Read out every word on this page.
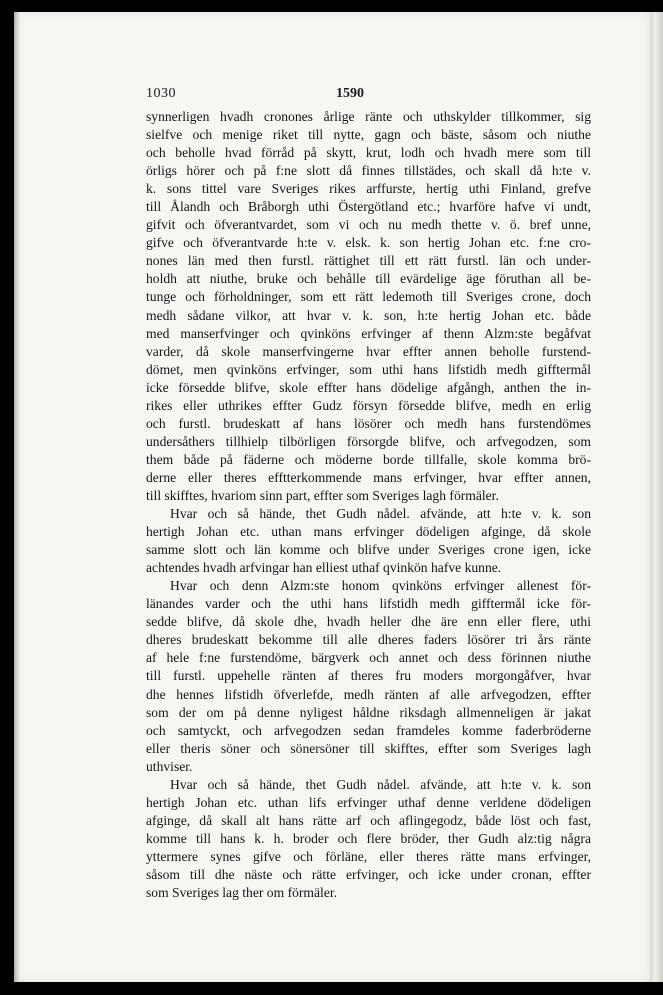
1030	1590
synnerligen hvadh cronones årlige ränte och uthskylder tillkommer, sig
sielfve och menige riket till nytte, gagn och bäste, såsom och niuthe
och beholle hvad förråd på skytt, krut, lodh och hvadh mere som till
örligs hörer och på f:ne slott då finnes tillstädes, och skall då h:te v.
k. sons tittel vare Sveriges rikes arffurste, hertig uthi Finland, grefve
till Ålandh och Bråborgh uthi Östergötland etc.; hvarföre hafve vi undt,
gifvit och öfverantvardet, som vi och nu medh thette v. ö. bref unne,
gifve och öfverantvarde h:te v. elsk. k. son hertig Johan etc. f:ne cro-
nones län med then furstl. rättighet till ett rätt furstl. län och under-
holdh att niuthe, bruke och behålle till evärdelige äge föruthan all be-
tunge och förholdninger, som ett rätt ledemoth till Sveriges crone, doch
medh sådane vilkor, att hvar v. k. son, h:te hertig Johan etc. både
med manserfvinger och qvinköns erfvinger af thenn Alzm:ste begåfvat
varder, då skole manserfvingerne hvar effter annen beholle furstend-
dömet, men qvinköns erfvinger, som uthi hans lifstidh medh gifftermål
icke försedde blifve, skole effter hans dödelige afgångh, anthen the in-
rikes eller uthrikes effter Gudz försyn försedde blifve, medh en erlig
och furstl. brudeskatt af hans lösörer och medh hans furstendömes
undersåthers tillhielp tilbörligen försorgde blifve, och arfvegodzen, som
them både på fäderne och möderne borde tillfalle, skole komma brö-
derne eller theres efftterkommende mans erfvinger, hvar effter annen,
till skifftes, hvariom sinn part, effter som Sveriges lagh förmäler.
Hvar och så hände, thet Gudh nådel. afvände, att h:te v. k. son
hertigh Johan etc. uthan mans erfvinger dödeligen afginge, då skole
samme slott och län komme och blifve under Sveriges crone igen, icke
achtendes hvadh arfvingar han elliest uthaf qvinkön hafve kunne.
Hvar och denn Alzm:ste honom qvinköns erfvinger allenest för-
länandes varder och the uthi hans lifstidh medh gifftermål icke för-
sedde blifve, då skole dhe, hvadh heller dhe äre enn eller flere, uthi
dheres brudeskatt bekomme till alle dheres faders lösörer tri års ränte
af hele f:ne furstendöme, bärgverk och annet och dess förinnen niuthe
till furstl. uppehelle ränten af theres fru moders morgongåfver, hvar
dhe hennes lifstidh öfverlefde, medh ränten af alle arfvegodzen, effter
som der om på denne nyligest håldne riksdagh allmenneligen är jakat
och samtyckt, och arfvegodzen sedan framdeles komme faderbröderne
eller theris söner och sönersöner till skifftes, effter som Sveriges lagh
uthviser.
Hvar och så hände, thet Gudh nådel. afvände, att h:te v. k. son
hertigh Johan etc. uthan lifs erfvinger uthaf denne verldene dödeligen
afginge, då skall alt hans rätte arf och aflingegodz, både löst och fast,
komme till hans k. h. broder och flere bröder, ther Gudh alz:tig några
yttermere synes gifve och förläne, eller theres rätte mans erfvinger,
såsom till dhe näste och rätte erfvinger, och icke under cronan, effter
som Sveriges lag ther om förmäler.
